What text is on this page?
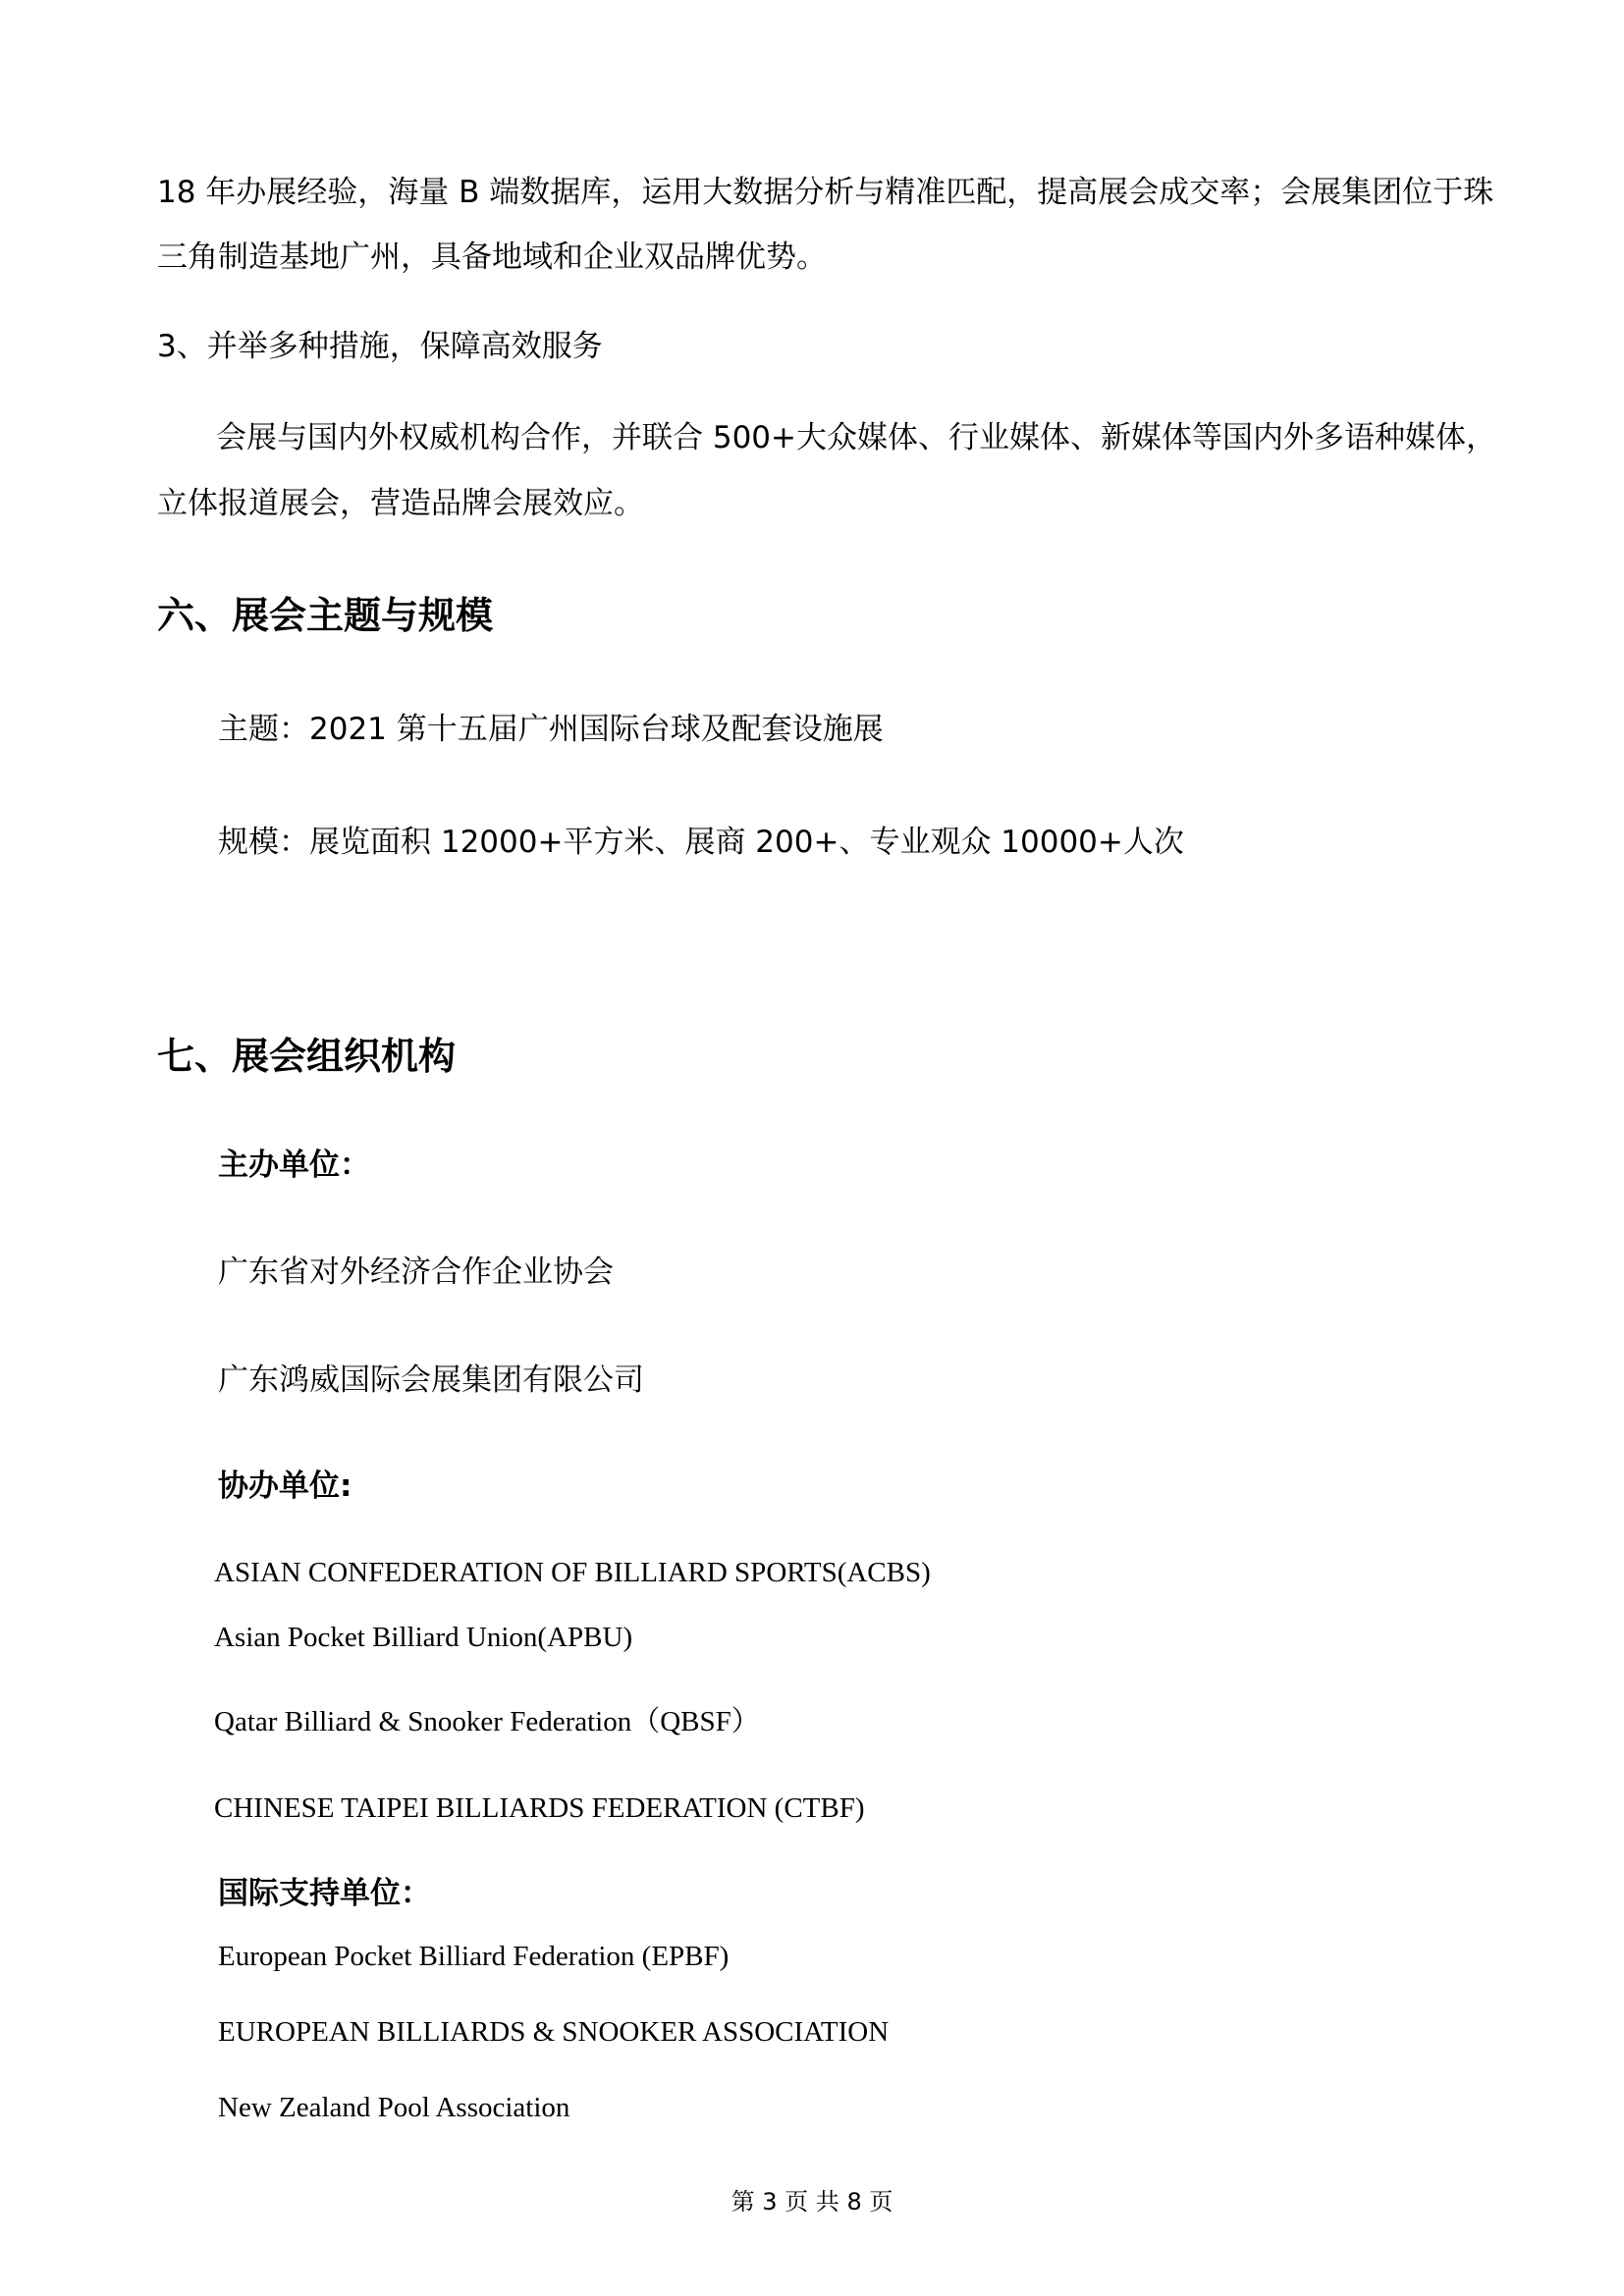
18 年办展经验，海量 B 端数据库，运用大数据分析与精准匹配，提高展会成交率；会展集团位于珠

三角制造基地广州，具备地域和企业双品牌优势。

3、并举多种措施，保障高效服务

会展与国内外权威机构合作，并联合 500+大众媒体、行业媒体、新媒体等国内外多语种媒体，

立体报道展会，营造品牌会展效应。

六、展会主题与规模

主题：2021 第十五届广州国际台球及配套设施展

规模：展览面积 12000+平方米、展商 200+、专业观众 10000+人次

七、展会组织机构

主办单位：

广东省对外经济合作企业协会

广东鸿威国际会展集团有限公司

协办单位:

ASIAN CONFEDERATION OF BILLIARD SPORTS(ACBS)

Asian Pocket Billiard Union(APBU)

Qatar Billiard & Snooker Federation（QBSF）

CHINESE TAIPEI BILLIARDS FEDERATION (CTBF)

国际支持单位：

European Pocket Billiard Federation (EPBF)

EUROPEAN BILLIARDS & SNOOKER ASSOCIATION

New Zealand Pool Association

第 3 页 共 8 页
